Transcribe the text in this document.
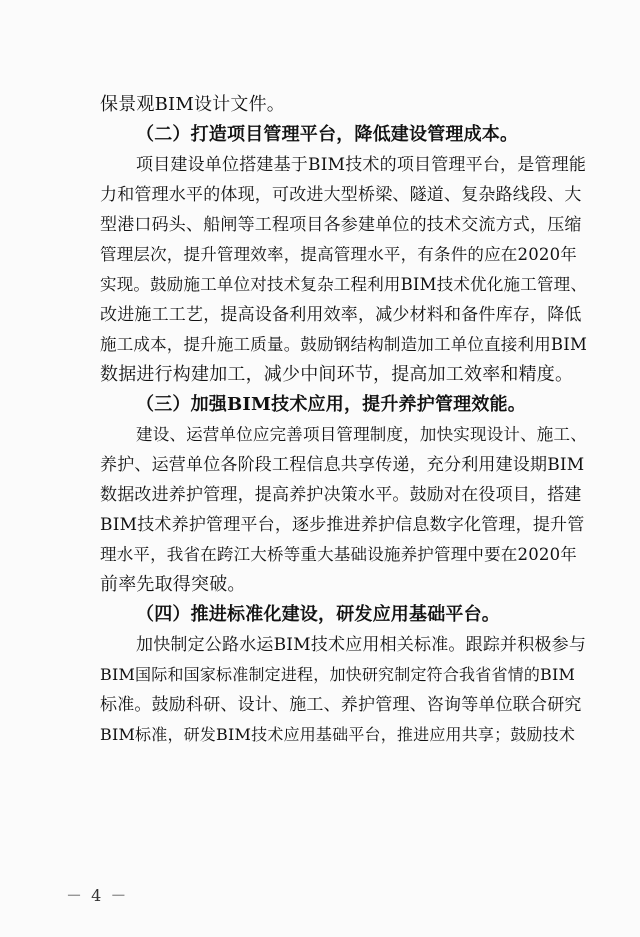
保景观BIM设计文件。
（二）打造项目管理平台，降低建设管理成本。
项目建设单位搭建基于BIM技术的项目管理平台，是管理能
力和管理水平的体现，可改进大型桥梁、隧道、复杂路线段、大
型港口码头、船闸等工程项目各参建单位的技术交流方式，压缩
管理层次，提升管理效率，提高管理水平，有条件的应在2020年
实现。鼓励施工单位对技术复杂工程利用BIM技术优化施工管理、
改进施工工艺，提高设备利用效率，减少材料和备件库存，降低
施工成本，提升施工质量。鼓励钢结构制造加工单位直接利用BIM
数据进行构建加工，减少中间环节，提高加工效率和精度。
（三）加强BIM技术应用，提升养护管理效能。
建设、运营单位应完善项目管理制度，加快实现设计、施工、
养护、运营单位各阶段工程信息共享传递，充分利用建设期BIM
数据改进养护管理，提高养护决策水平。鼓励对在役项目，搭建
BIM技术养护管理平台，逐步推进养护信息数字化管理，提升管
理水平，我省在跨江大桥等重大基础设施养护管理中要在2020年
前率先取得突破。
（四）推进标准化建设，研发应用基础平台。
加快制定公路水运BIM技术应用相关标准。跟踪并积极参与
BIM国际和国家标准制定进程，加快研究制定符合我省省情的BIM
标准。鼓励科研、设计、施工、养护管理、咨询等单位联合研究
BIM标准，研发BIM技术应用基础平台，推进应用共享；鼓励技术
－ 4 －
